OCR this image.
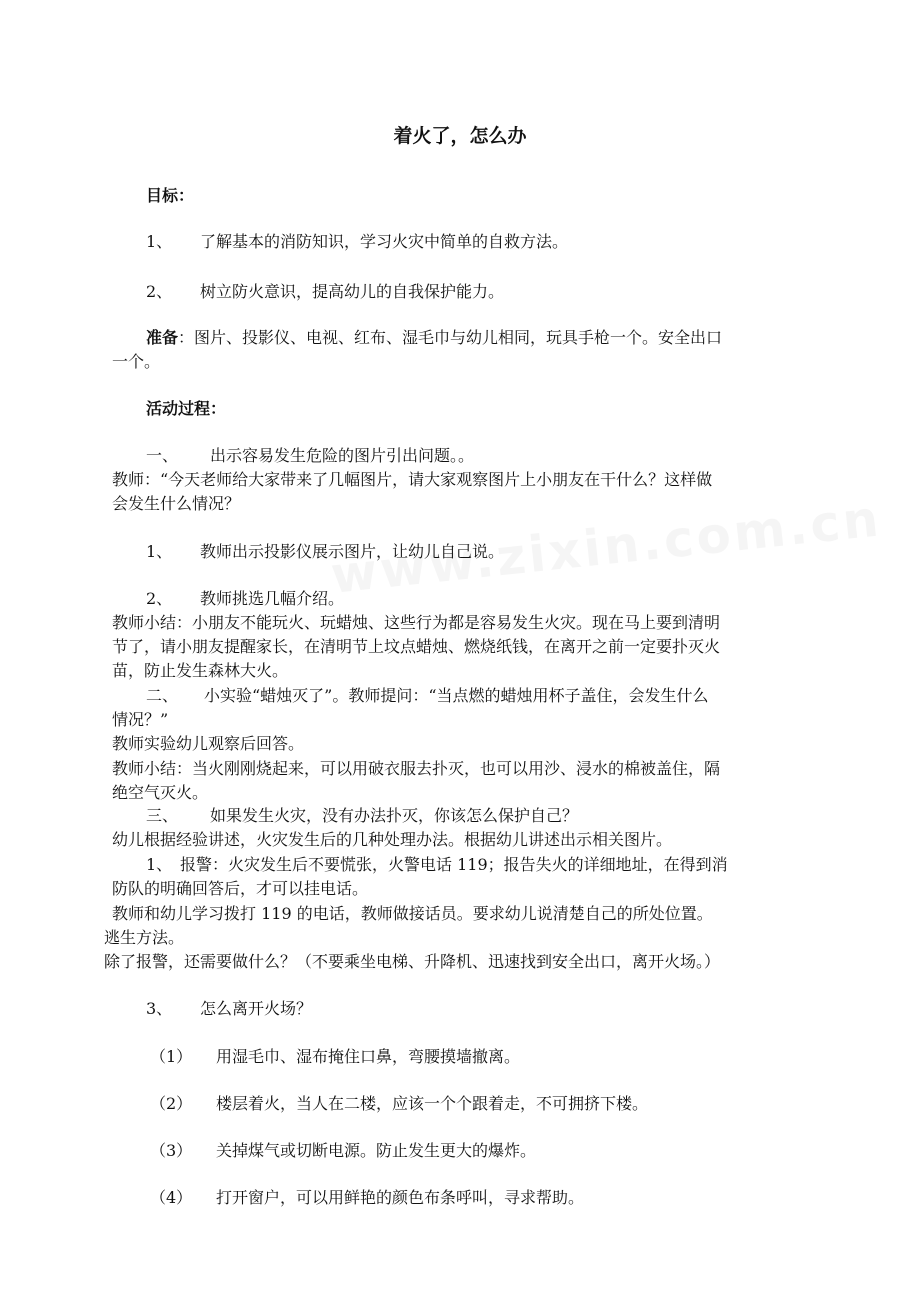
着火了，怎么办

目标：

1、 了解基本的消防知识，学习火灾中简单的自救方法。

2、 树立防火意识，提高幼儿的自我保护能力。

准备：图片、投影仪、电视、红布、湿毛巾与幼儿相同，玩具手枪一个。安全出口

一个。

活动过程：

一、 出示容易发生危险的图片引出问题。。

教师：“今天老师给大家带来了几幅图片，请大家观察图片上小朋友在干什么？这样做

会发生什么情况？

1、 教师出示投影仪展示图片，让幼儿自己说。

2、 教师挑选几幅介绍。

教师小结：小朋友不能玩火、玩蜡烛、这些行为都是容易发生火灾。现在马上要到清明

节了，请小朋友提醒家长，在清明节上坟点蜡烛、燃烧纸钱，在离开之前一定要扑灭火

苗，防止发生森林大火。

二、 小实验“蜡烛灭了”。教师提问：“当点燃的蜡烛用杯子盖住，会发生什么

情况？”

教师实验幼儿观察后回答。

教师小结：当火刚刚烧起来，可以用破衣服去扑灭，也可以用沙、浸水的棉被盖住，隔

绝空气灭火。

三、 如果发生火灾，没有办法扑灭，你该怎么保护自己？

幼儿根据经验讲述，火灾发生后的几种处理办法。根据幼儿讲述出示相关图片。

1、 报警：火灾发生后不要慌张，火警电话 119；报告失火的详细地址，在得到消

防队的明确回答后，才可以挂电话。

教师和幼儿学习拨打 119 的电话，教师做接话员。要求幼儿说清楚自己的所处位置。

逃生方法。

除了报警，还需要做什么？（不要乘坐电梯、升降机、迅速找到安全出口，离开火场。）

3、 怎么离开火场？

（1） 用湿毛巾、湿布掩住口鼻，弯腰摸墙撤离。

（2） 楼层着火，当人在二楼，应该一个个跟着走，不可拥挤下楼。

（3） 关掉煤气或切断电源。防止发生更大的爆炸。

（4） 打开窗户，可以用鲜艳的颜色布条呼叫，寻求帮助。
